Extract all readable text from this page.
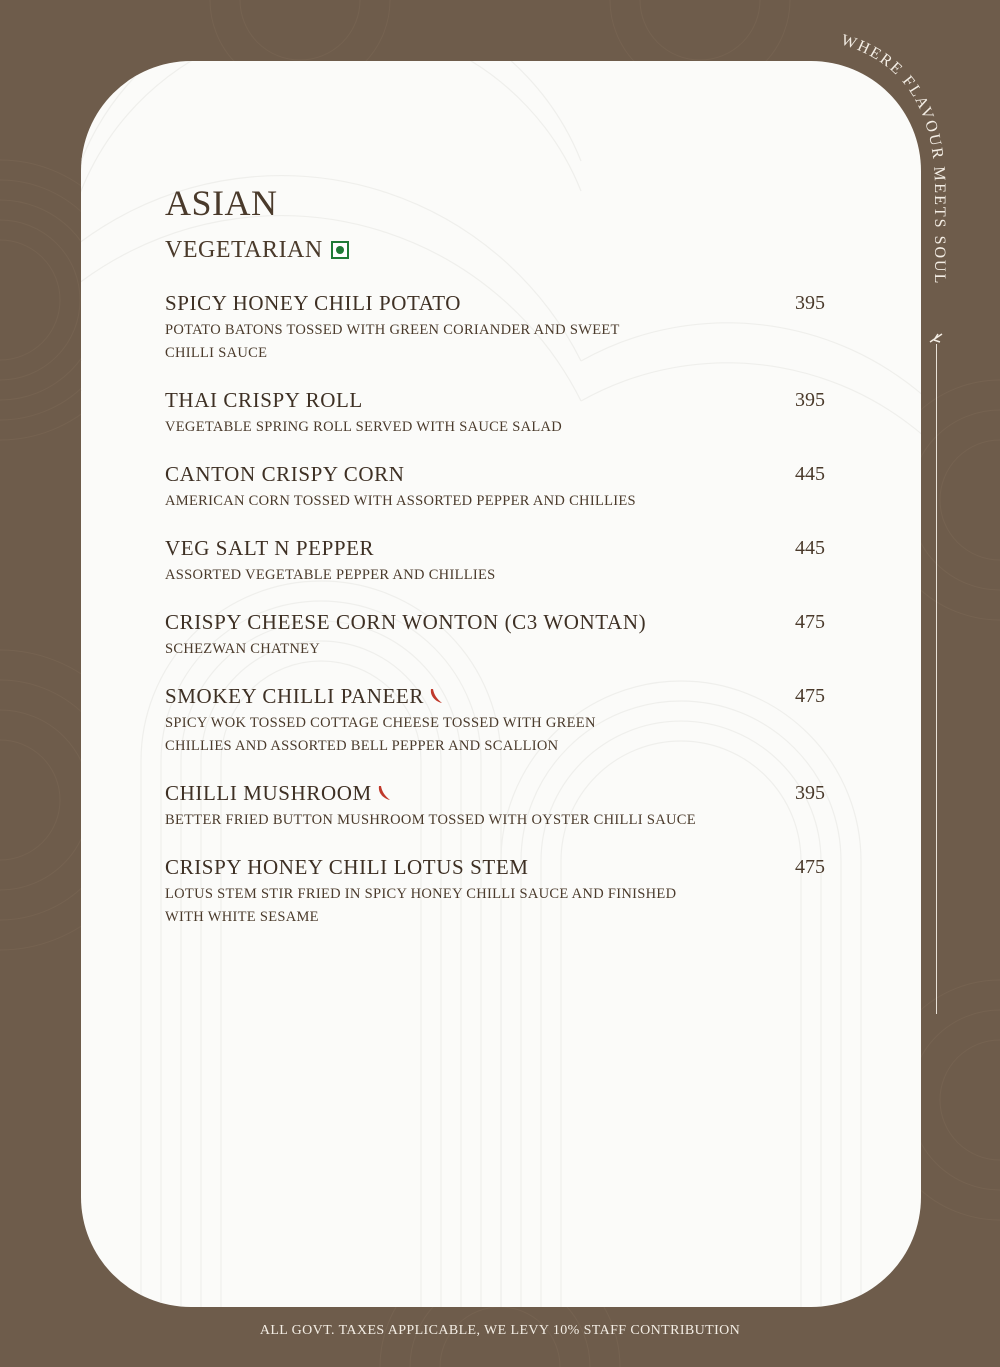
ASIAN
VEGETARIAN
SPICY HONEY CHILI POTATO	395
POTATO BATONS TOSSED WITH GREEN CORIANDER AND SWEET
CHILLI SAUCE
THAI CRISPY ROLL	395
VEGETABLE SPRING ROLL SERVED WITH SAUCE SALAD
CANTON CRISPY CORN	445
AMERICAN CORN TOSSED WITH ASSORTED PEPPER AND CHILLIES
VEG SALT N PEPPER	445
ASSORTED VEGETABLE PEPPER AND CHILLIES
CRISPY CHEESE CORN WONTON (C3 WONTAN)	475
SCHEZWAN CHATNEY
SMOKEY CHILLI PANEER	475
SPICY WOK TOSSED COTTAGE CHEESE TOSSED WITH GREEN
CHILLIES AND ASSORTED BELL PEPPER AND SCALLION
CHILLI MUSHROOM	395
BETTER FRIED BUTTON MUSHROOM TOSSED WITH OYSTER CHILLI SAUCE
CRISPY HONEY CHILI LOTUS STEM	475
LOTUS STEM STIR FRIED IN SPICY HONEY CHILLI SAUCE AND FINISHED
WITH WHITE SESAME
WHERE FLAVOUR MEETS SOUL
ALL GOVT. TAXES APPLICABLE, WE LEVY 10% STAFF CONTRIBUTION
